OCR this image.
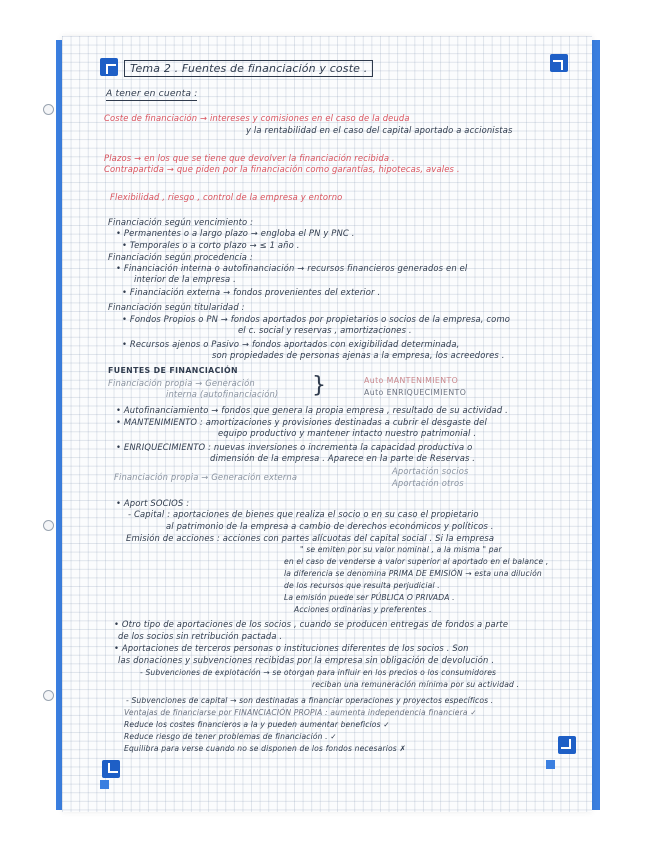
Tema 2 . Fuentes de financiación y coste .
A tener en cuenta :
Coste de financiación → intereses y comisiones en el caso de la deuda
y la rentabilidad en el caso del capital aportado a accionistas
Plazos → en los que se tiene que devolver la financiación recibida .
Contrapartida → que piden por la financiación como garantías, hipotecas, avales .
Flexibilidad , riesgo , control de la empresa y entorno
Financiación según vencimiento :
• Permanentes o a largo plazo → engloba el PN y PNC .
• Temporales o a corto plazo → ≤ 1 año .
Financiación según procedencia :
• Financiación interna o autofinanciación → recursos financieros generados en el
interior de la empresa .
• Financiación externa → fondos provenientes del exterior .
Financiación según titularidad :
• Fondos Propios o PN → fondos aportados por propietarios o socios de la empresa, como
el c. social y reservas , amortizaciones .
• Recursos ajenos o Pasivo → fondos aportados con exigibilidad determinada,
son propiedades de personas ajenas a la empresa, los acreedores .
FUENTES DE FINANCIACIÓN
Financiación propia → Generación
interna (autofinanciación) }	Auto MANTENIMIENTO
Auto ENRIQUECIMIENTO
• Autofinanciamiento → fondos que genera la propia empresa , resultado de su actividad .
• MANTENIMIENTO : amortizaciones y provisiones destinadas a cubrir el desgaste del
equipo productivo y mantener intacto nuestro patrimonial .
• ENRIQUECIMIENTO : nuevas inversiones o incrementa la capacidad productiva o
dimensión de la empresa . Aparece en la parte de Reservas .
Financiación propia → Generación externa
Aportación socios
Aportación otros
• Aport SOCIOS :
- Capital : aportaciones de bienes que realiza el socio o en su caso el propietario
al patrimonio de la empresa a cambio de derechos económicos y políticos .
Emisión de acciones : acciones con partes alícuotas del capital social . Si la empresa
" se emiten por su valor nominal , a la misma " par
en el caso de venderse a valor superior al aportado en el balance ,
la diferencia se denomina PRIMA DE EMISIÓN → esta una dilución
de los recursos que resulta perjudicial .
La emisión puede ser PÚBLICA O PRIVADA .
Acciones ordinarias y preferentes .
• Otro tipo de aportaciones de los socios , cuando se producen entregas de fondos a parte
de los socios sin retribución pactada .
• Aportaciones de terceros personas o instituciones diferentes de los socios . Son
las donaciones y subvenciones recibidas por la empresa sin obligación de devolución .
- Subvenciones de explotación → se otorgan para influir en los precios o los consumidores
reciban una remuneración mínima por su actividad .
- Subvenciones de capital → son destinadas a financiar operaciones y proyectos específicos .
Ventajas de financiarse por FINANCIACIÓN PROPIA : aumenta independencia financiera ✓
Reduce los costes financieros a la y pueden aumentar beneficios ✓
Reduce riesgo de tener problemas de financiación . ✓
Equilibra para verse cuando no se disponen de los fondos necesarios ✗
